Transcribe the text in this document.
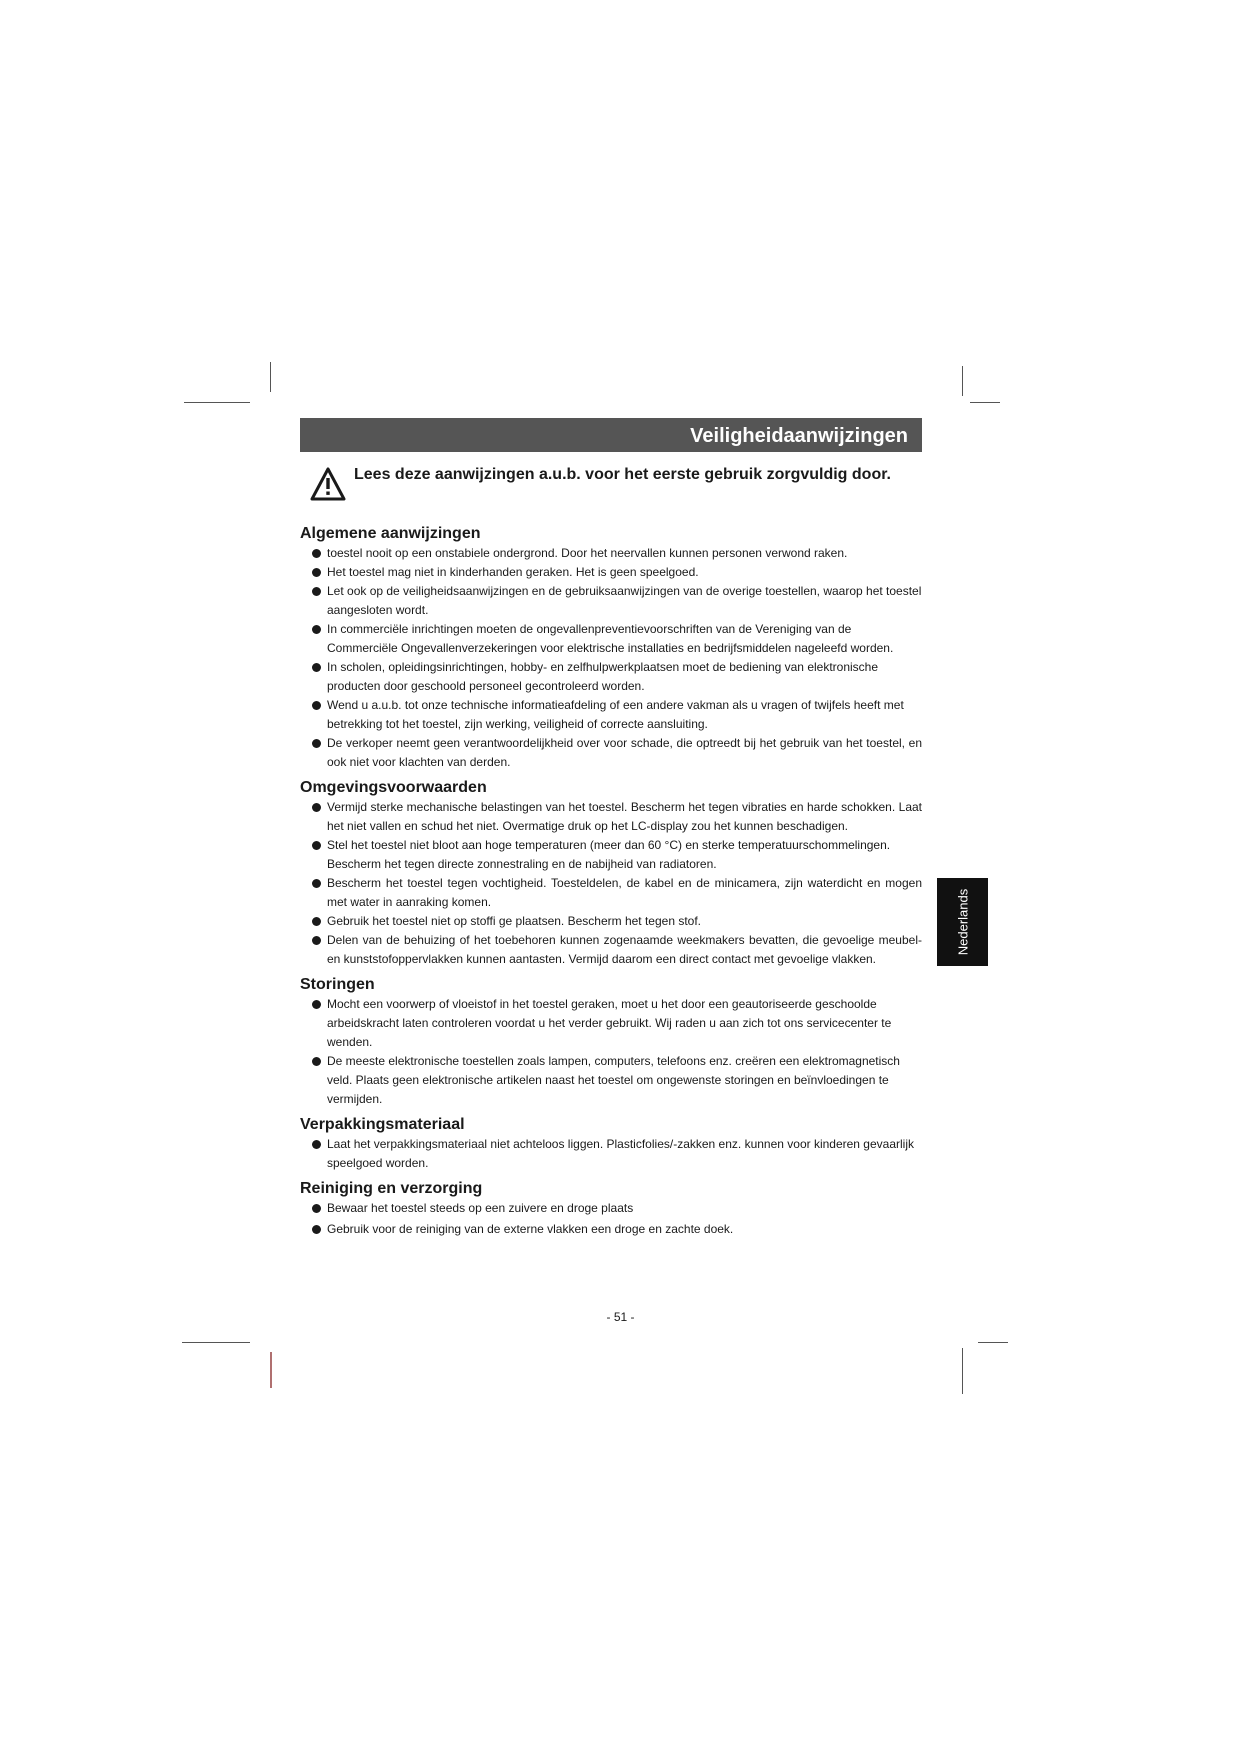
Veiligheidaanwijzingen
Lees deze aanwijzingen a.u.b. voor het eerste gebruik zorgvuldig door.
Algemene aanwijzingen
toestel nooit op een onstabiele ondergrond. Door het neervallen kunnen personen verwond raken.
Het toestel mag niet in kinderhanden geraken. Het is geen speelgoed.
Let ook op de veiligheidsaanwijzingen en de gebruiksaanwijzingen van de overige toestellen, waarop het toestel aangesloten wordt.
In commerciële inrichtingen moeten de ongevallenpreventievoorschriften van de Vereniging van de Commerciële Ongevallenverzekeringen voor elektrische installaties en bedrijfsmiddelen nageleefd worden.
In scholen, opleidingsinrichtingen, hobby- en zelfhulpwerkplaatsen moet de bediening van elektronische producten door geschoold personeel gecontroleerd worden.
Wend u a.u.b. tot onze technische informatieafdeling of een andere vakman als u vragen of twijfels heeft met betrekking tot het toestel, zijn werking, veiligheid of correcte aansluiting.
De verkoper neemt geen verantwoordelijkheid over voor schade, die optreedt bij het gebruik van het toestel, en ook niet voor klachten van derden.
Omgevingsvoorwaarden
Vermijd sterke mechanische belastingen van het toestel. Bescherm het tegen vibraties en harde schokken. Laat het niet vallen en schud het niet. Overmatige druk op het LC-display zou het kunnen beschadigen.
Stel het toestel niet bloot aan hoge temperaturen (meer dan 60 °C) en sterke temperatuurschommelingen. Bescherm het tegen directe zonnestraling en de nabijheid van radiatoren.
Bescherm het toestel tegen vochtigheid. Toesteldelen, de kabel en de minicamera, zijn waterdicht en mogen met water in aanraking komen.
Gebruik het toestel niet op stoffi ge plaatsen. Bescherm het tegen stof.
Delen van de behuizing of het toebehoren kunnen zogenaamde weekmakers bevatten, die gevoelige meubel- en kunststofoppervlakken kunnen aantasten. Vermijd daarom een direct contact met gevoelige vlakken.
Storingen
Mocht een voorwerp of vloeistof in het toestel geraken, moet u het door een geautoriseerde geschoolde arbeidskracht laten controleren voordat u het verder gebruikt. Wij raden u aan zich tot ons servicecenter te wenden.
De meeste elektronische toestellen zoals lampen, computers, telefoons enz. creëren een elektromagnetisch veld. Plaats geen elektronische artikelen naast het toestel om ongewenste storingen en beïnvloedingen te vermijden.
Verpakkingsmateriaal
Laat het verpakkingsmateriaal niet achteloos liggen. Plasticfolies/-zakken enz. kunnen voor kinderen gevaarlijk speelgoed worden.
Reiniging en verzorging
Bewaar het toestel steeds op een zuivere en droge plaats
Gebruik voor de reiniging van de externe vlakken een droge en zachte doek.
Nederlands
- 51 -
